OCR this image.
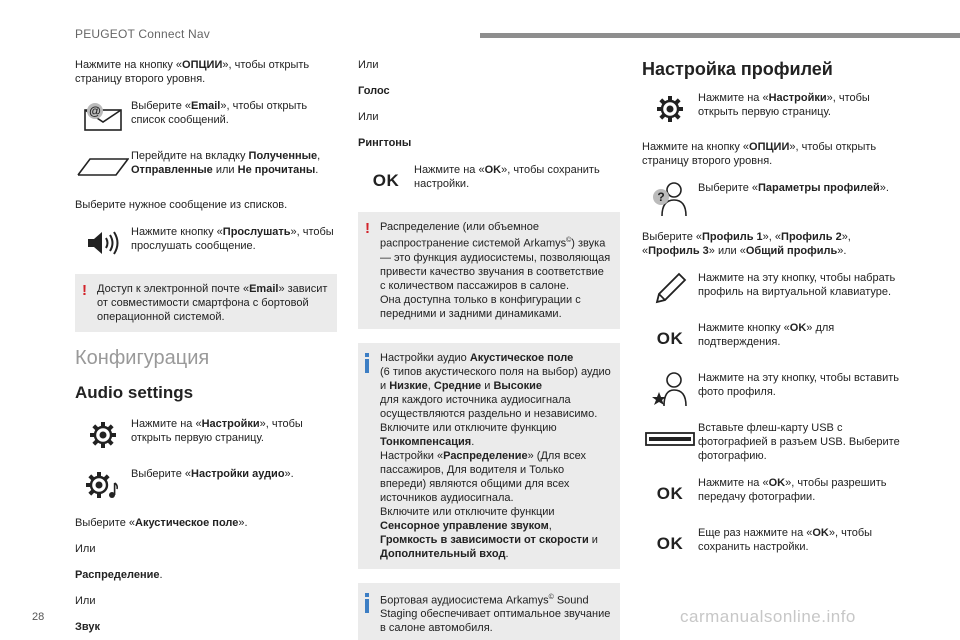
PEUGEOT Connect Nav

Нажмите на кнопку «ОПЦИИ», чтобы открыть страницу второго уровня.

@	Выберите «Email», чтобы открыть список сообщений.

Перейдите на вкладку Полученные, Отправленные или Не прочитаны.

Выберите нужное сообщение из списков.

Нажмите кнопку «Прослушать», чтобы прослушать сообщение.

! Доступ к электронной почте «Email» зависит от совместимости смартфона с бортовой операционной системой.

Конфигурация
Audio settings

Нажмите на «Настройки», чтобы открыть первую страницу.

Выберите «Настройки аудио».

Выберите «Акустическое поле».

Или

Распределение.

Или

Звук

Или

Голос

Или

Рингтоны

OK

Нажмите на «OK», чтобы сохранить настройки.

! Распределение (или объемное распространение системой Arkamys©) звука — это функция аудиосистемы, позволяющая привести качество звучания в соответствие с количеством пассажиров в салоне.
Она доступна только в конфигурации с передними и задними динамиками.

Настройки аудио Акустическое поле
(6 типов акустического поля на выбор) аудио и Низкие, Средние и Высокие
для каждого источника аудиосигнала осуществляются раздельно и независимо.
Включите или отключите функцию
Тонкомпенсация.
Настройки «Распределение» (Для всех пассажиров, Для водителя и Только впереди) являются общими для всех источников аудиосигнала.
Включите или отключите функции
Сенсорное управление звуком,
Громкость в зависимости от скорости и
Дополнительный вход.

Бортовая аудиосистема Arkamys© Sound Staging обеспечивает оптимальное звучание в салоне автомобиля.

Настройка профилей

Нажмите на «Настройки», чтобы открыть первую страницу.

Нажмите на кнопку «ОПЦИИ», чтобы открыть страницу второго уровня.

?

Выберите «Параметры профилей».

Выберите «Профиль 1», «Профиль 2», «Профиль 3» или «Общий профиль».

Нажмите на эту кнопку, чтобы набрать профиль на виртуальной клавиатуре.

OK

Нажмите кнопку «OK» для подтверждения.

Нажмите на эту кнопку, чтобы вставить фото профиля.

Вставьте флеш-карту USB с фотографией в разъем USB. Выберите фотографию.

OK

Нажмите на «OK», чтобы разрешить передачу фотографии.

OK

Еще раз нажмите на «OK», чтобы сохранить настройки.

28	carmanualsonline.info
